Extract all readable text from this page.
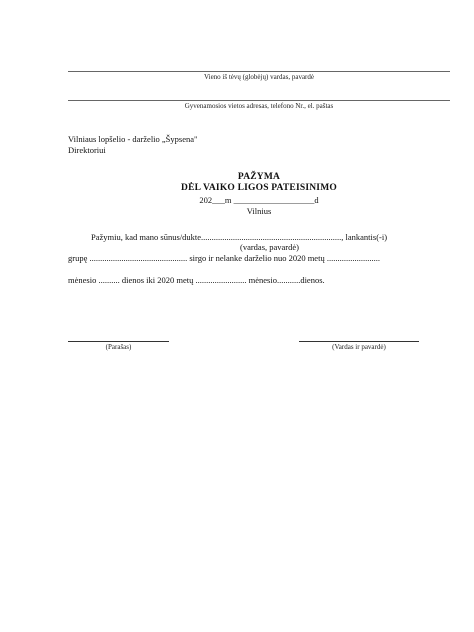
Vieno iš tėvų (globėjų) vardas, pavardė
Gyvenamosios vietos adresas, telefono Nr., el. paštas
Vilniaus lopšelio - darželio „Šypsena"
Direktoriui
PAŽYMA
DĖL VAIKO LIGOS PATEISINIMO
202___m ___________________d
Vilnius
Pažymiu, kad mano sūnus/dukte.................................................................., lankantis(-i)
(vardas, pavardė)
grupę .............................................. sirgo ir nelanke darželio nuo 2020 metų .........................
mėnesio .......... dienos iki 2020 metų ........................ mėnesio...........dienos.
(Parašas)	(Vardas ir pavardė)
